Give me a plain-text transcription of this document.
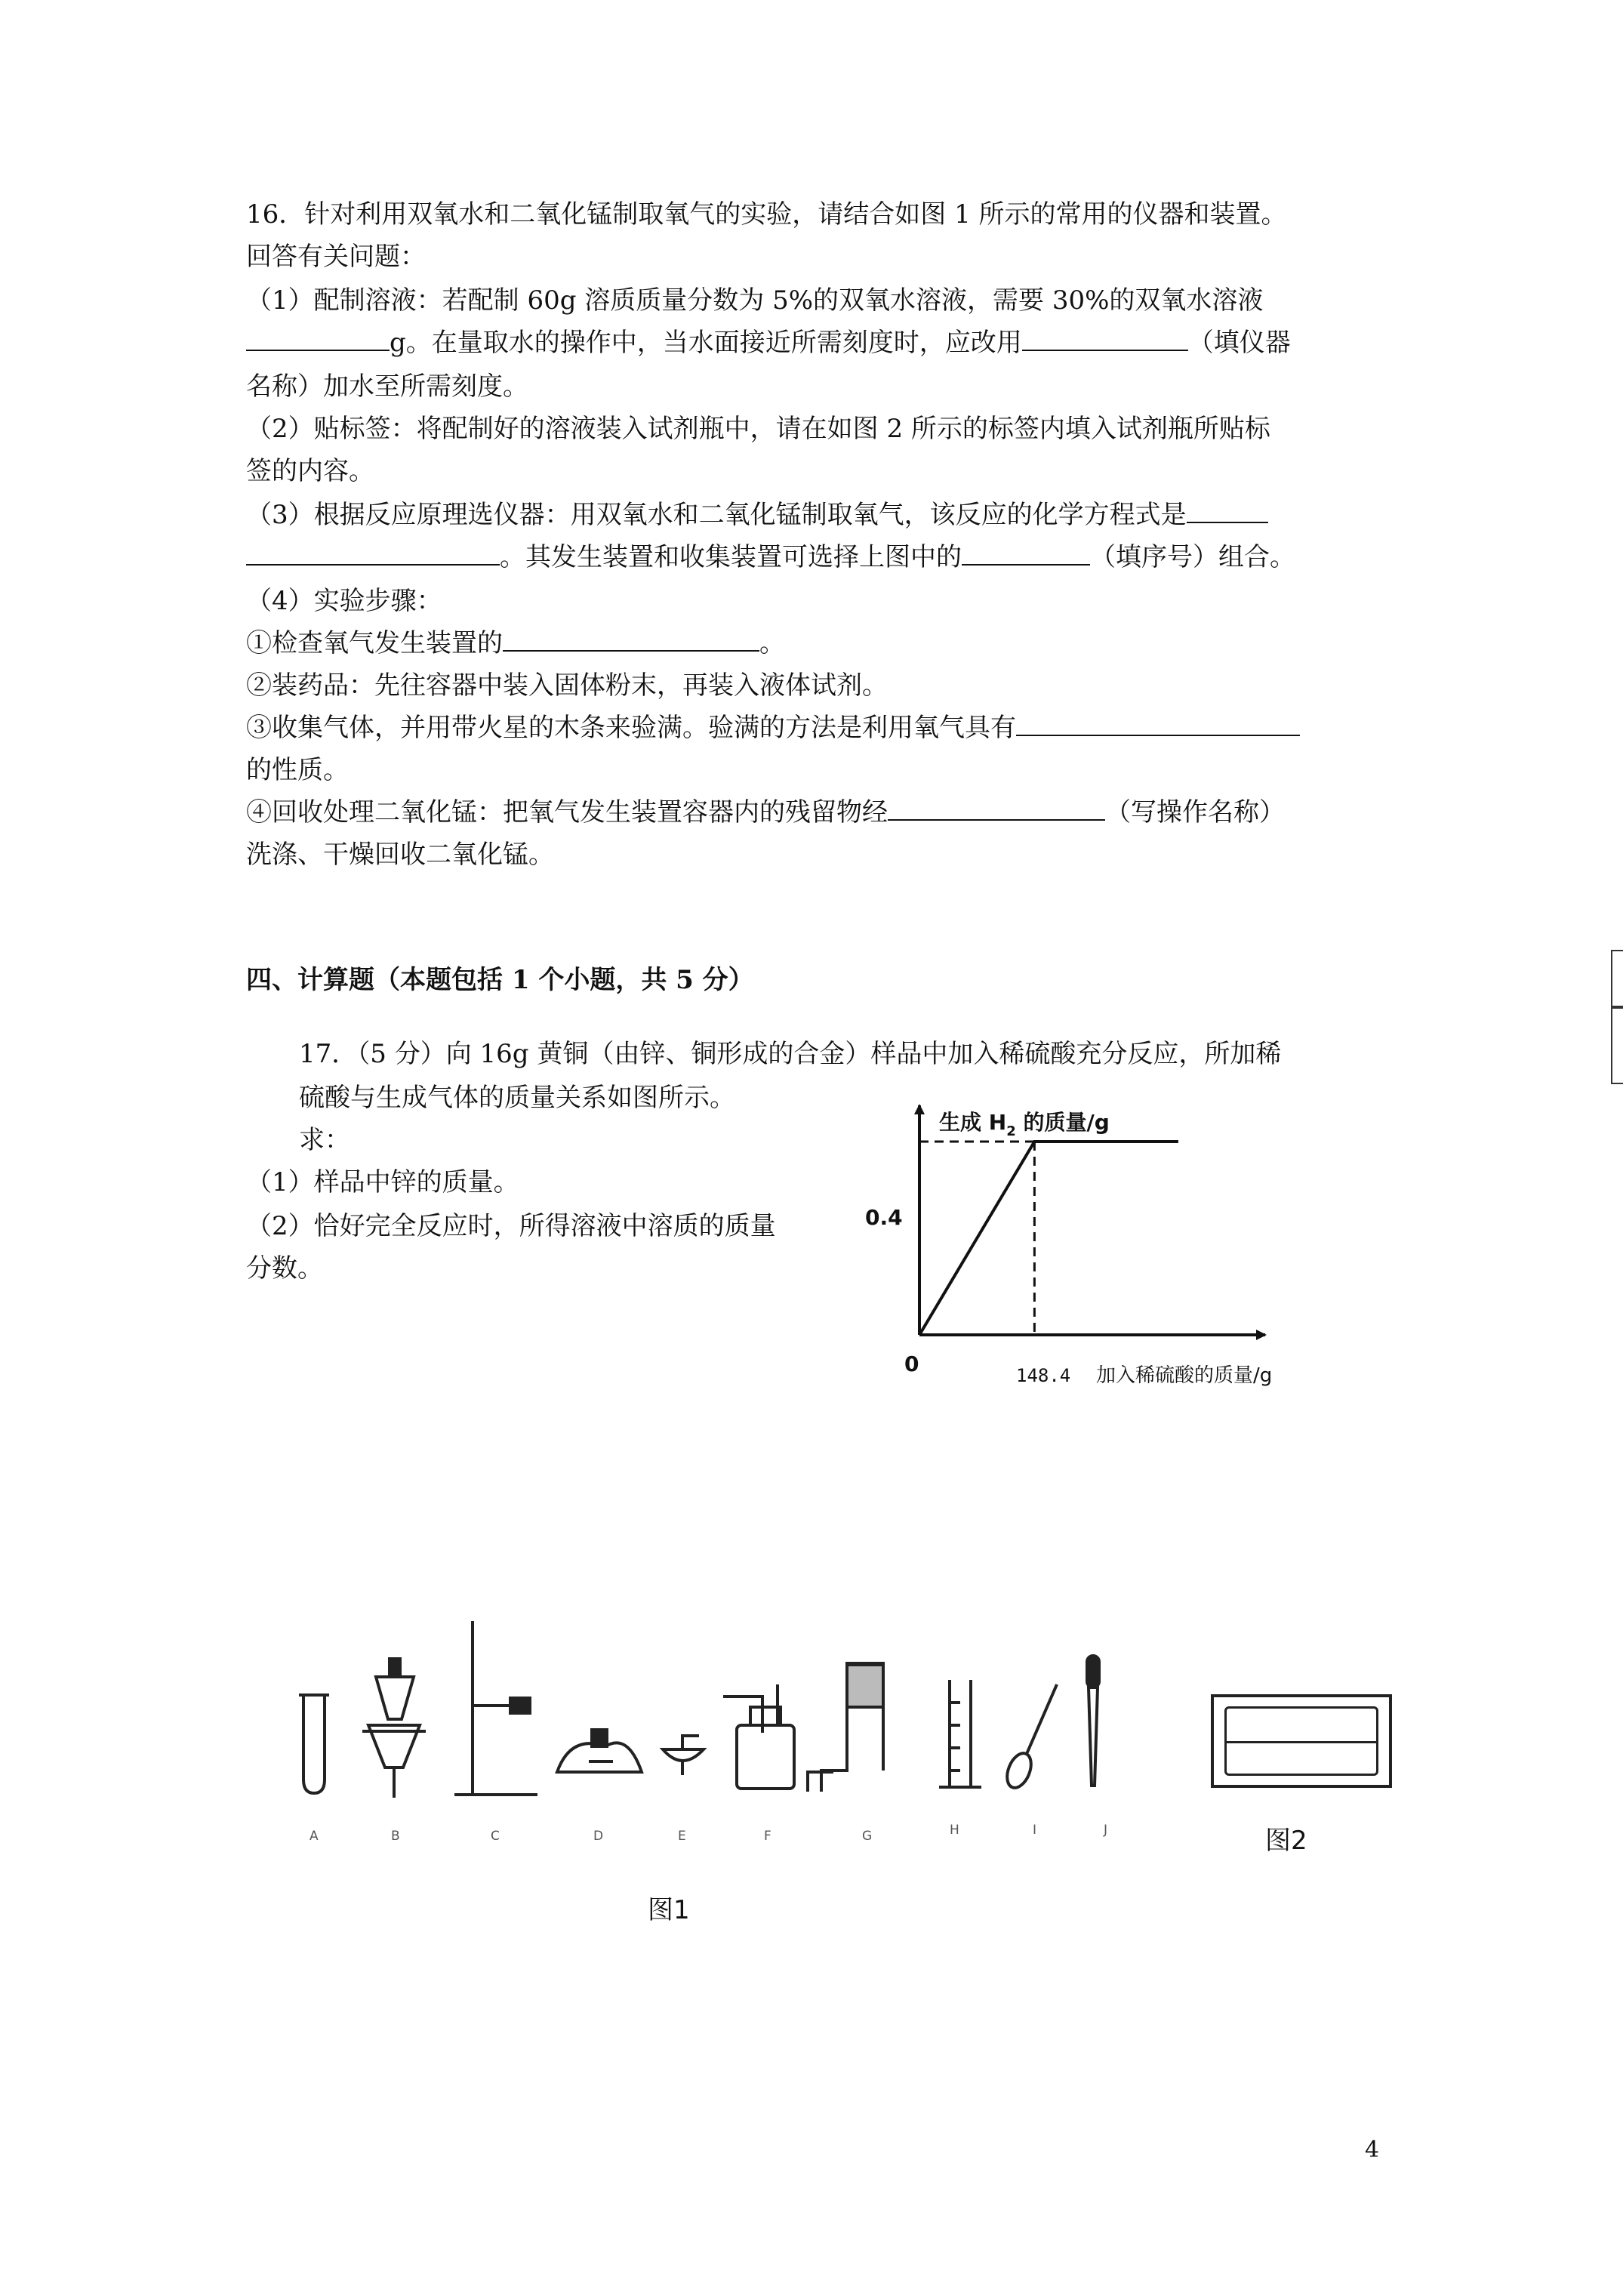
16．针对利用双氧水和二氧化锰制取氧气的实验，请结合如图 1 所示的常用的仪器和装置。
回答有关问题：
（1）配制溶液：若配制 60g 溶质质量分数为 5%的双氧水溶液，需要 30%的双氧水溶液
g。在量取水的操作中，当水面接近所需刻度时，应改用	（填仪器
名称）加水至所需刻度。
（2）贴标签：将配制好的溶液装入试剂瓶中，请在如图 2 所示的标签内填入试剂瓶所贴标
签的内容。
（3）根据反应原理选仪器：用双氧水和二氧化锰制取氧气，该反应的化学方程式是
。其发生装置和收集装置可选择上图中的	（填序号）组合。
（4）实验步骤：
①检查氧气发生装置的	。
②装药品：先往容器中装入固体粉末，再装入液体试剂。
③收集气体，并用带火星的木条来验满。验满的方法是利用氧气具有
的性质。
④回收处理二氧化锰：把氧气发生装置容器内的残留物经	（写操作名称）
洗涤、干燥回收二氧化锰。
四、计算题（本题包括 1 个小题，共 5 分）
17．（5 分）向 16g 黄铜（由锌、铜形成的合金）样品中加入稀硫酸充分反应，所加稀
硫酸与生成气体的质量关系如图所示。
求：
（1）样品中锌的质量。
（2）恰好完全反应时，所得溶液中溶质的质量
分数。
生成 $H_2$ 的质量/g
0
0.4
148.4 加入稀硫酸的质量/g
A	B	C	D	E	F	G	H	I	J
图1
图2
4
